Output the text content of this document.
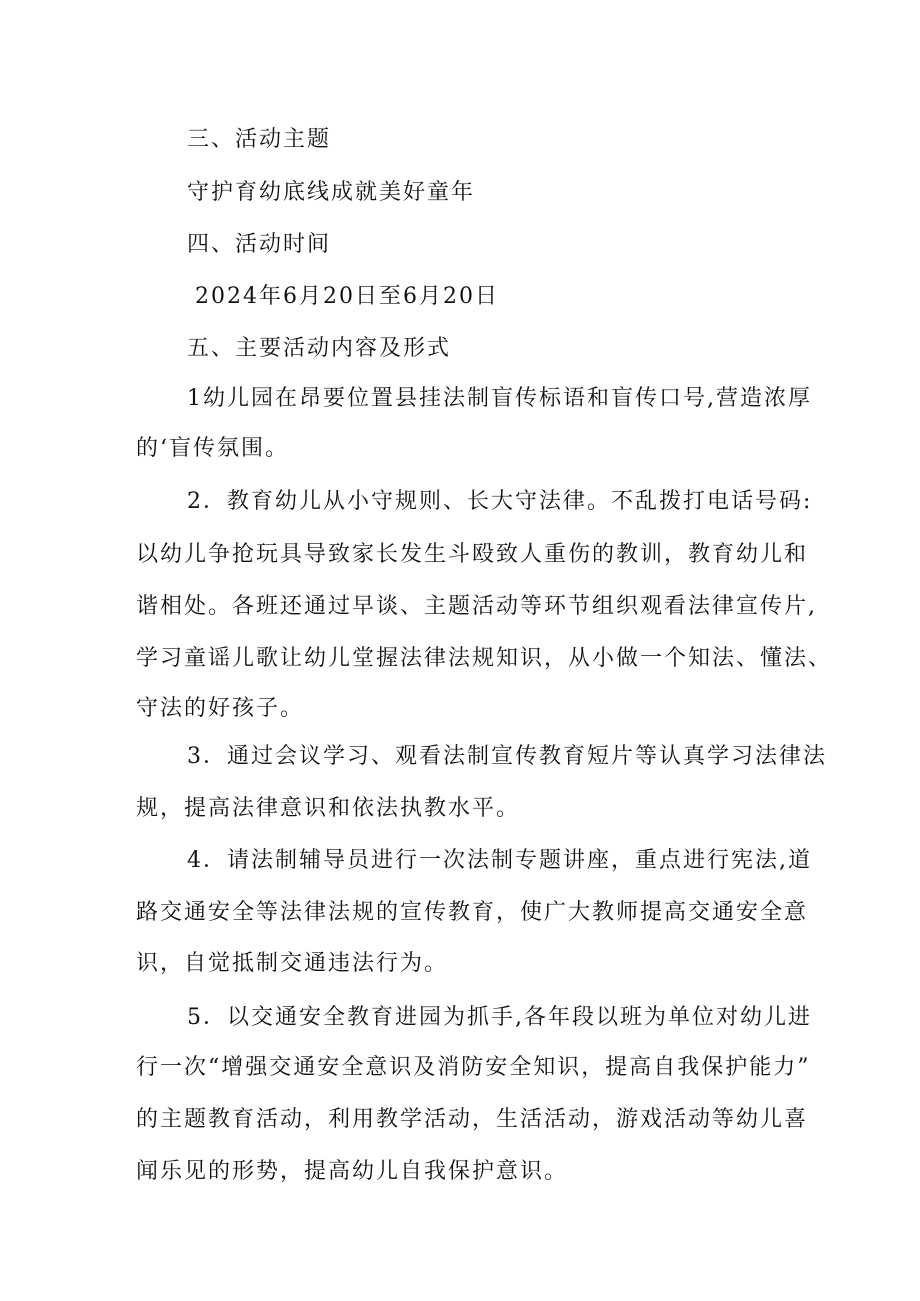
三、活动主题
守护育幼底线成就美好童年
四、活动时间
2024年6月20日至6月20日
五、主要活动内容及形式
1幼儿园在昂要位置县挂法制盲传标语和盲传口号,营造浓厚
的‘盲传氛围。
2．教育幼儿从小守规则、长大守法律。不乱拨打电话号码:
以幼儿争抢玩具导致家长发生斗殴致人重伤的教训，教育幼儿和
谐相处。各班还通过早谈、主题活动等环节组织观看法律宣传片,
学习童谣儿歌让幼儿堂握法律法规知识，从小做一个知法、懂法、
守法的好孩子。
3．通过会议学习、观看法制宣传教育短片等认真学习法律法
规，提高法律意识和依法执教水平。
4．请法制辅导员进行一次法制专题讲座，重点进行宪法,道
路交通安全等法律法规的宣传教育，使广大教师提高交通安全意
识，自觉抵制交通违法行为。
5．以交通安全教育进园为抓手,各年段以班为单位对幼儿进
行一次“增强交通安全意识及消防安全知识，提高自我保护能力”
的主题教育活动，利用教学活动，生活活动，游戏活动等幼儿喜
闻乐见的形势，提高幼儿自我保护意识。
